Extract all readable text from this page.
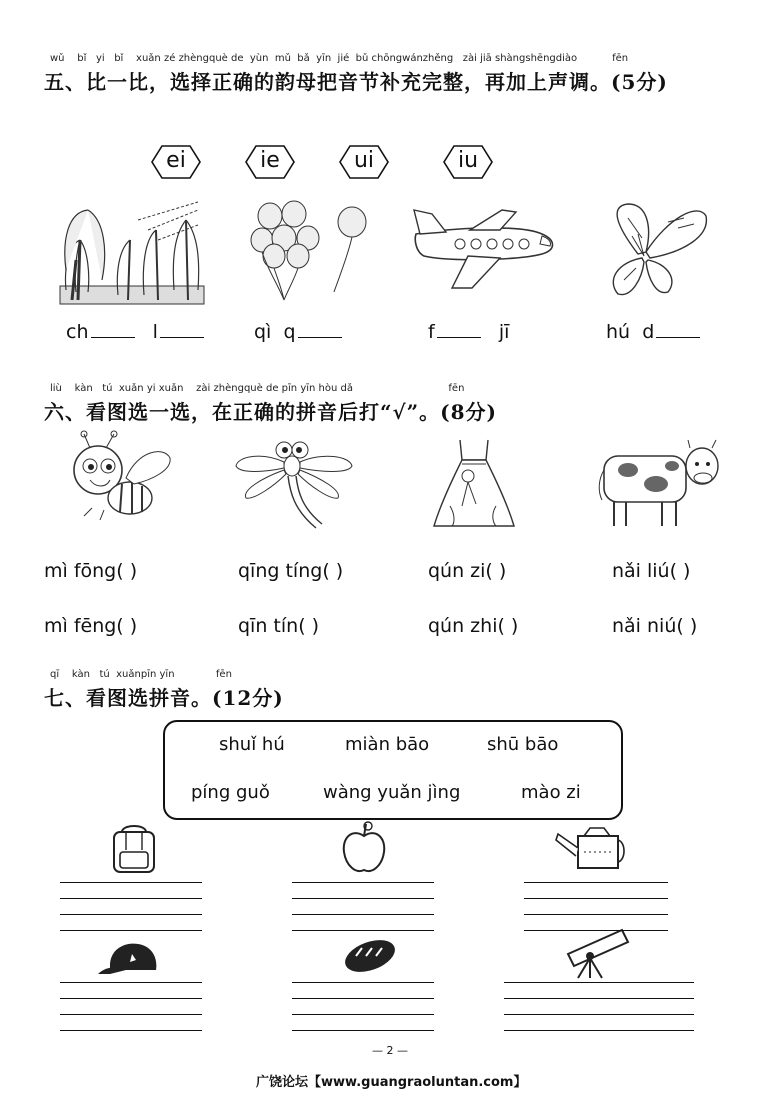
wǔ bǐ yi bǐ xuǎn zé zhèngquè de yùn mǔ bǎ yīn jié bǔ chōngwánzhěng zài jiā shàngshēngdiào	fēn
五、比一比，选择正确的韵母把音节补充完整，再加上声调。(5分)
ei	ie	ui	iu
ch	l	qì q	f	jī	hú d
liù kàn tú xuǎn yi xuǎn zài zhèngquè de pīn yīn hòu dǎ	fēn
六、看图选一选，在正确的拼音后打“√”。(8分)
mì fōng( )	qīng tíng( )	qún zi( )	nǎi liú( )
mì fēng( )	qīn tín( )	qún zhi( )	nǎi niú( )
qī kàn tú xuǎnpīn yīn	fēn
七、看图选拼音。(12分)
shuǐ hú	miàn bāo	shū bāo
píng guǒ	wàng yuǎn jìng	mào zi
— 2 —
广饶论坛【www.guangraoluntan.com】
